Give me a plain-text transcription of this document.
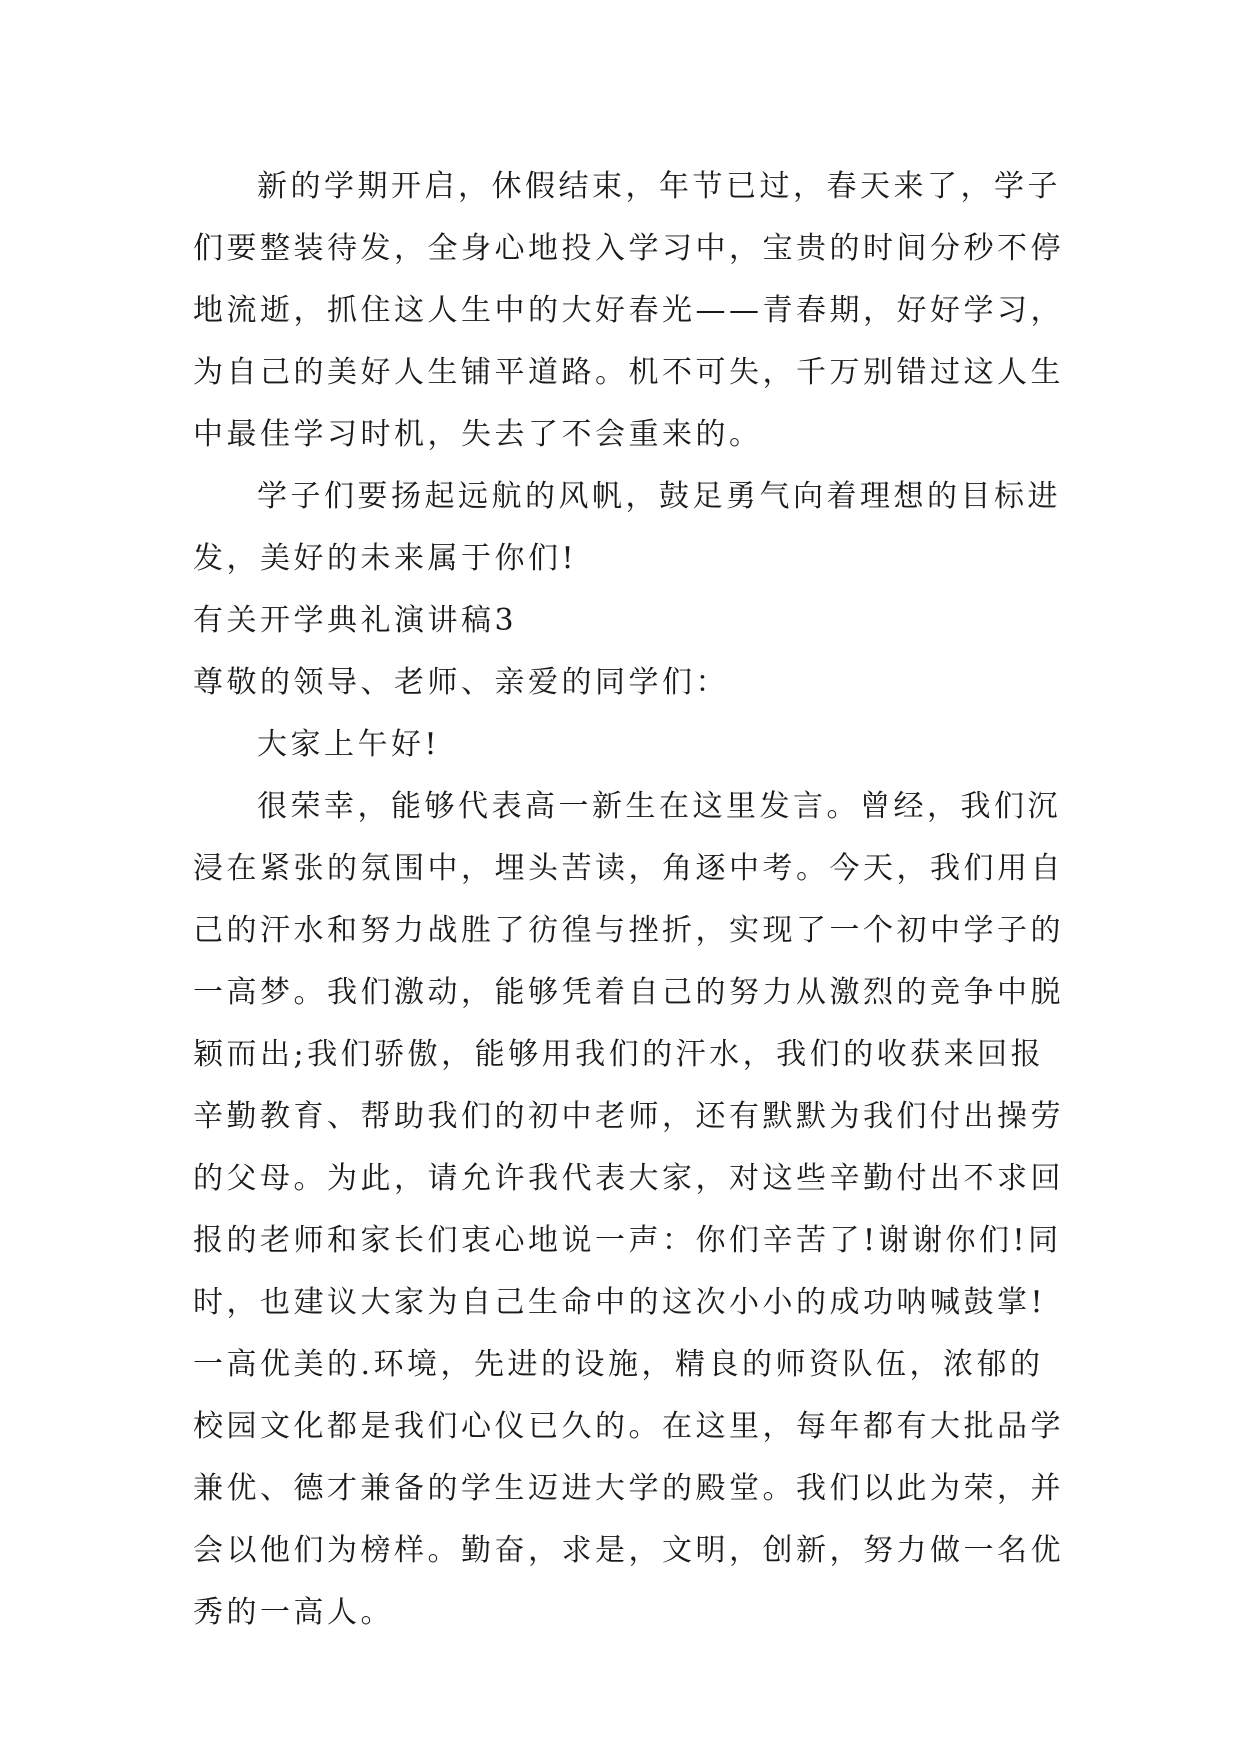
新的学期开启，休假结束，年节已过，春天来了，学子
们要整装待发，全身心地投入学习中，宝贵的时间分秒不停
地流逝，抓住这人生中的大好春光——青春期，好好学习，
为自己的美好人生铺平道路。机不可失，千万别错过这人生
中最佳学习时机，失去了不会重来的。
学子们要扬起远航的风帆，鼓足勇气向着理想的目标进
发，美好的未来属于你们!
有关开学典礼演讲稿3
尊敬的领导、老师、亲爱的同学们：
大家上午好!
很荣幸，能够代表高一新生在这里发言。曾经，我们沉
浸在紧张的氛围中，埋头苦读，角逐中考。今天，我们用自
己的汗水和努力战胜了彷徨与挫折，实现了一个初中学子的
一高梦。我们激动，能够凭着自己的努力从激烈的竞争中脱
颖而出;我们骄傲，能够用我们的汗水，我们的收获来回报
辛勤教育、帮助我们的初中老师，还有默默为我们付出操劳
的父母。为此，请允许我代表大家，对这些辛勤付出不求回
报的老师和家长们衷心地说一声：你们辛苦了!谢谢你们!同
时，也建议大家为自己生命中的这次小小的成功呐喊鼓掌!
一高优美的.环境，先进的设施，精良的师资队伍，浓郁的
校园文化都是我们心仪已久的。在这里，每年都有大批品学
兼优、德才兼备的学生迈进大学的殿堂。我们以此为荣，并
会以他们为榜样。勤奋，求是，文明，创新，努力做一名优
秀的一高人。
